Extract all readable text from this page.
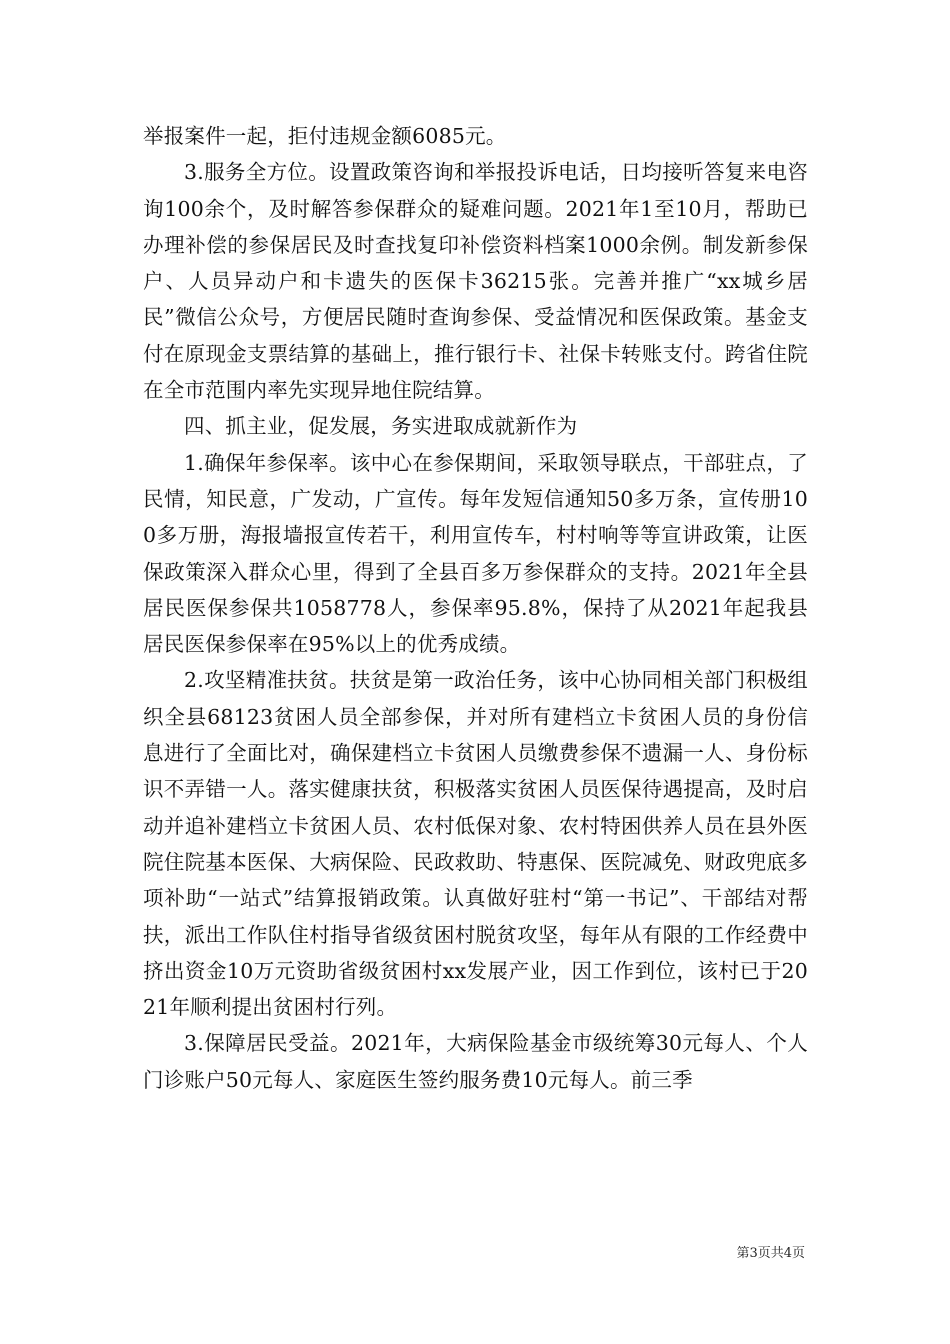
举报案件一起，拒付违规金额6085元。

3.服务全方位。设置政策咨询和举报投诉电话，日均接听答复来电咨询100余个，及时解答参保群众的疑难问题。2021年1至10月，帮助已办理补偿的参保居民及时查找复印补偿资料档案1000余例。制发新参保户、人员异动户和卡遗失的医保卡36215张。完善并推广“xx城乡居民”微信公众号，方便居民随时查询参保、受益情况和医保政策。基金支付在原现金支票结算的基础上，推行银行卡、社保卡转账支付。跨省住院在全市范围内率先实现异地住院结算。

四、抓主业，促发展，务实进取成就新作为

1.确保年参保率。该中心在参保期间，采取领导联点，干部驻点，了民情，知民意，广发动，广宣传。每年发短信通知50多万条，宣传册100多万册，海报墙报宣传若干，利用宣传车，村村响等等宣讲政策，让医保政策深入群众心里，得到了全县百多万参保群众的支持。2021年全县居民医保参保共1058778人，参保率95.8%，保持了从2021年起我县居民医保参保率在95%以上的优秀成绩。

2.攻坚精准扶贫。扶贫是第一政治任务，该中心协同相关部门积极组织全县68123贫困人员全部参保，并对所有建档立卡贫困人员的身份信息进行了全面比对，确保建档立卡贫困人员缴费参保不遗漏一人、身份标识不弄错一人。落实健康扶贫，积极落实贫困人员医保待遇提高，及时启动并追补建档立卡贫困人员、农村低保对象、农村特困供养人员在县外医院住院基本医保、大病保险、民政救助、特惠保、医院减免、财政兜底多项补助“一站式”结算报销政策。认真做好驻村“第一书记”、干部结对帮扶，派出工作队住村指导省级贫困村脱贫攻坚，每年从有限的工作经费中挤出资金10万元资助省级贫困村xx发展产业，因工作到位，该村已于2021年顺利提出贫困村行列。

3.保障居民受益。2021年，大病保险基金市级统筹30元每人、个人门诊账户50元每人、家庭医生签约服务费10元每人。前三季

第3页共4页
